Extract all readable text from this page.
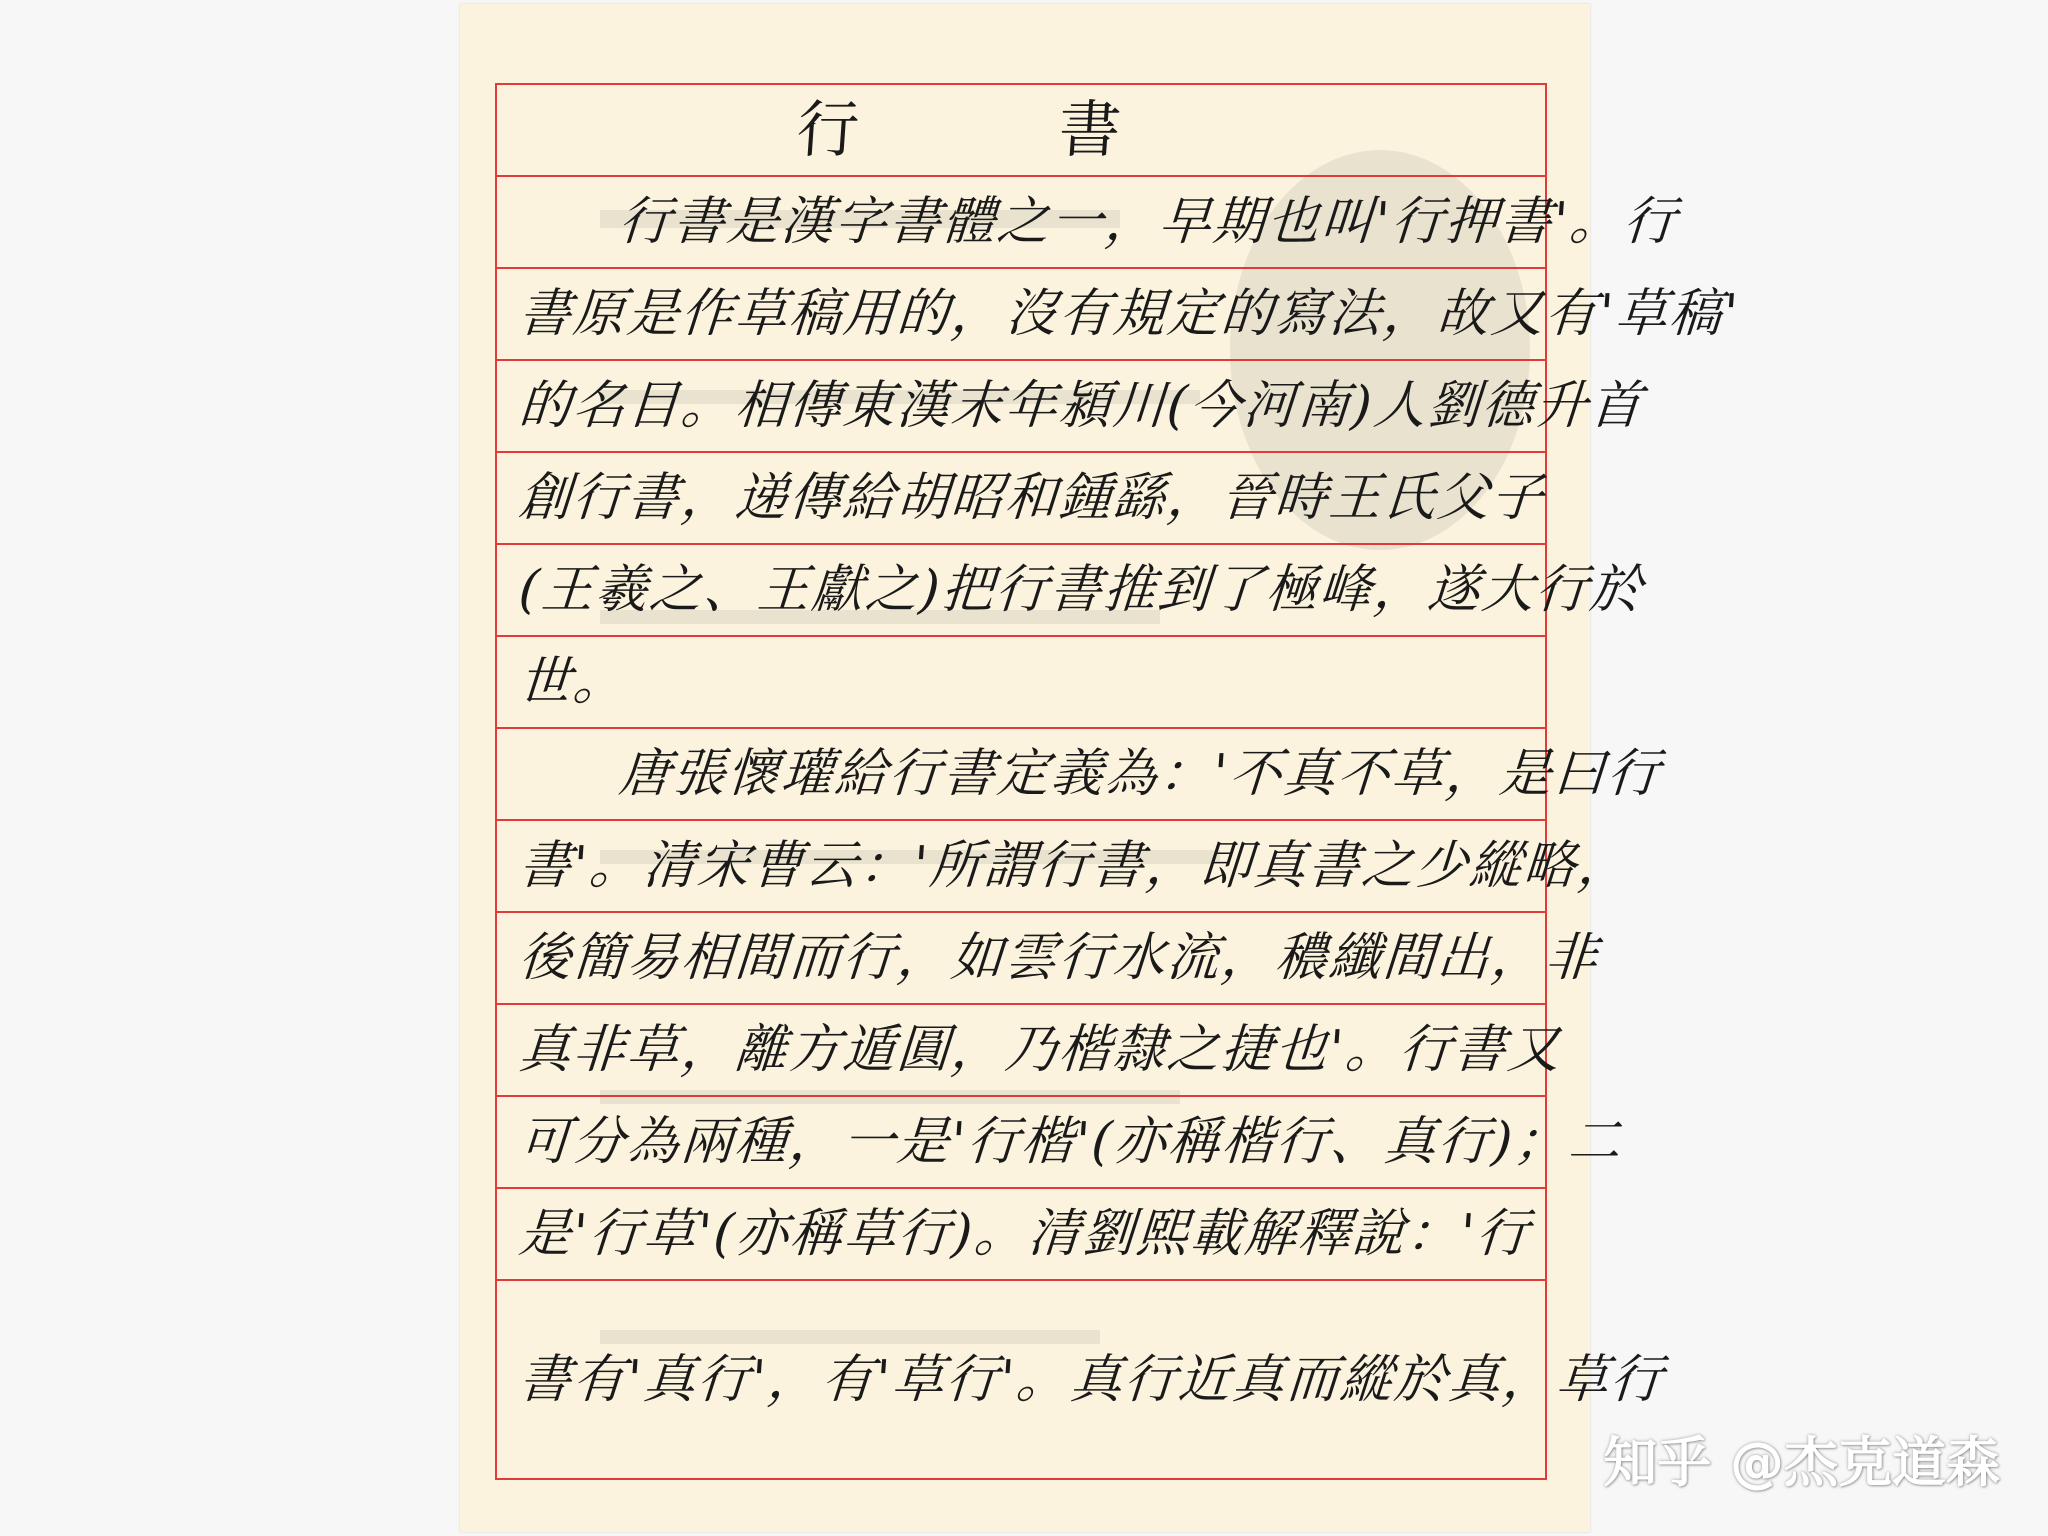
行 書
行書是漢字書體之一，早期也叫'行押書'。行
書原是作草稿用的，沒有規定的寫法，故又有'草稿'
的名目。相傳東漢末年潁川(今河南)人劉德升首
創行書，递傳給胡昭和鍾繇，晉時王氏父子
(王羲之、王獻之)把行書推到了極峰，遂大行於
世。
唐張懷瓘給行書定義為：'不真不草，是曰行
書'。清宋曹云：'所謂行書，即真書之少縱略，
後簡易相間而行，如雲行水流，穠纖間出，非
真非草，離方遁圓，乃楷隸之捷也'。行書又
可分為兩種，一是'行楷'(亦稱楷行、真行)；二
是'行草'(亦稱草行)。清劉熙載解釋說：'行
書有'真行'，有'草行'。真行近真而縱於真，草行
知乎 @杰克道森
